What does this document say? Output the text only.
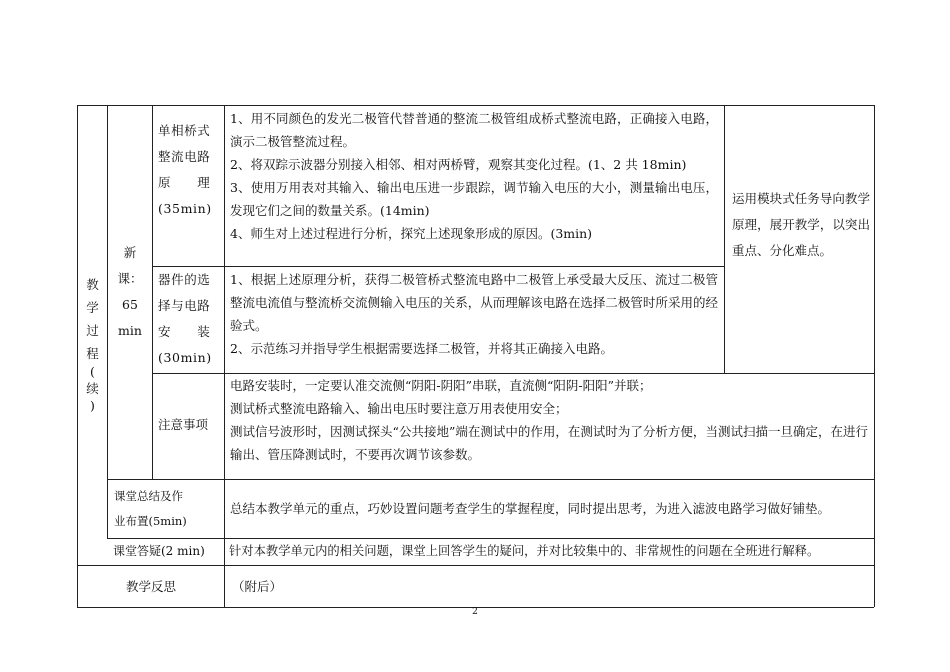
教
学
过
程
(
续
)
新
课：
65
min
单相桥式
整流电路
原　　理
(35min)
1、用不同颜色的发光二极管代替普通的整流二极管组成桥式整流电路，正确接入电路，演示二极管整流过程。
2、将双踪示波器分别接入相邻、相对两桥臂，观察其变化过程。(1、2 共 18min)
3、使用万用表对其输入、输出电压进一步跟踪，调节输入电压的大小，测量输出电压，发现它们之间的数量关系。(14min)
4、师生对上述过程进行分析，探究上述现象形成的原因。(3min)
运用模块式任务导向教学原理，展开教学，以突出重点、分化难点。
器件的选
择与电路
安　　装
(30min)
1、根据上述原理分析，获得二极管桥式整流电路中二极管上承受最大反压、流过二极管整流电流值与整流桥交流侧输入电压的关系，从而理解该电路在选择二极管时所采用的经验式。
2、示范练习并指导学生根据需要选择二极管，并将其正确接入电路。
注意事项
电路安装时，一定要认准交流侧“阴阳-阴阳”串联，直流侧“阳阴-阳阳”并联；
测试桥式整流电路输入、输出电压时要注意万用表使用安全；
测试信号波形时，因测试探头“公共接地”端在测试中的作用，在测试时为了分析方便，当测试扫描一旦确定，在进行输出、管压降测试时，不要再次调节该参数。
课堂总结及作
业布置(5min)
总结本教学单元的重点，巧妙设置问题考查学生的掌握程度，同时提出思考，为进入滤波电路学习做好铺垫。
课堂答疑(2 min)	针对本教学单元内的相关问题，课堂上回答学生的疑问，并对比较集中的、非常规性的问题在全班进行解释。
教学反思	（附后）
2
